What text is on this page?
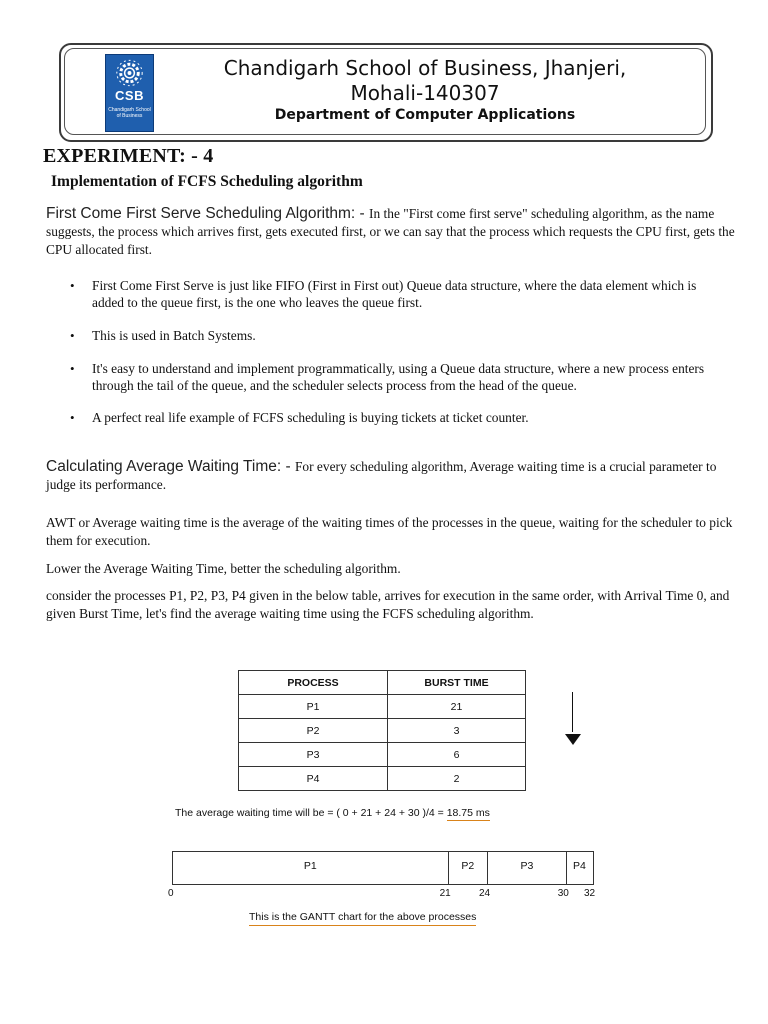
CSB
Chandigarh School of Business
Chandigarh School of Business, Jhanjeri,
Mohali-140307
Department of Computer Applications
EXPERIMENT: - 4
Implementation of FCFS Scheduling algorithm
First Come First Serve Scheduling Algorithm: - In the "First come first serve" scheduling algorithm, as the name suggests, the process which arrives first, gets executed first, or we can say that the process which requests the CPU first, gets the CPU allocated first.
• First Come First Serve is just like FIFO (First in First out) Queue data structure, where the data element which is added to the queue first, is the one who leaves the queue first.
• This is used in Batch Systems.
• It's easy to understand and implement programmatically, using a Queue data structure, where a new process enters through the tail of the queue, and the scheduler selects process from the head of the queue.
• A perfect real life example of FCFS scheduling is buying tickets at ticket counter.
Calculating Average Waiting Time: - For every scheduling algorithm, Average waiting time is a crucial parameter to judge its performance.
AWT or Average waiting time is the average of the waiting times of the processes in the queue, waiting for the scheduler to pick them for execution.
Lower the Average Waiting Time, better the scheduling algorithm.
consider the processes P1, P2, P3, P4 given in the below table, arrives for execution in the same order, with Arrival Time 0, and given Burst Time, let's find the average waiting time using the FCFS scheduling algorithm.
PROCESS	BURST TIME
P1	21
P2	3
P3	6
P4	2
The average waiting time will be = ( 0 + 21 + 24 + 30 )/4 = 18.75 ms
P1	P2	P3	P4
0	21	24	30 32
This is the GANTT chart for the above processes
